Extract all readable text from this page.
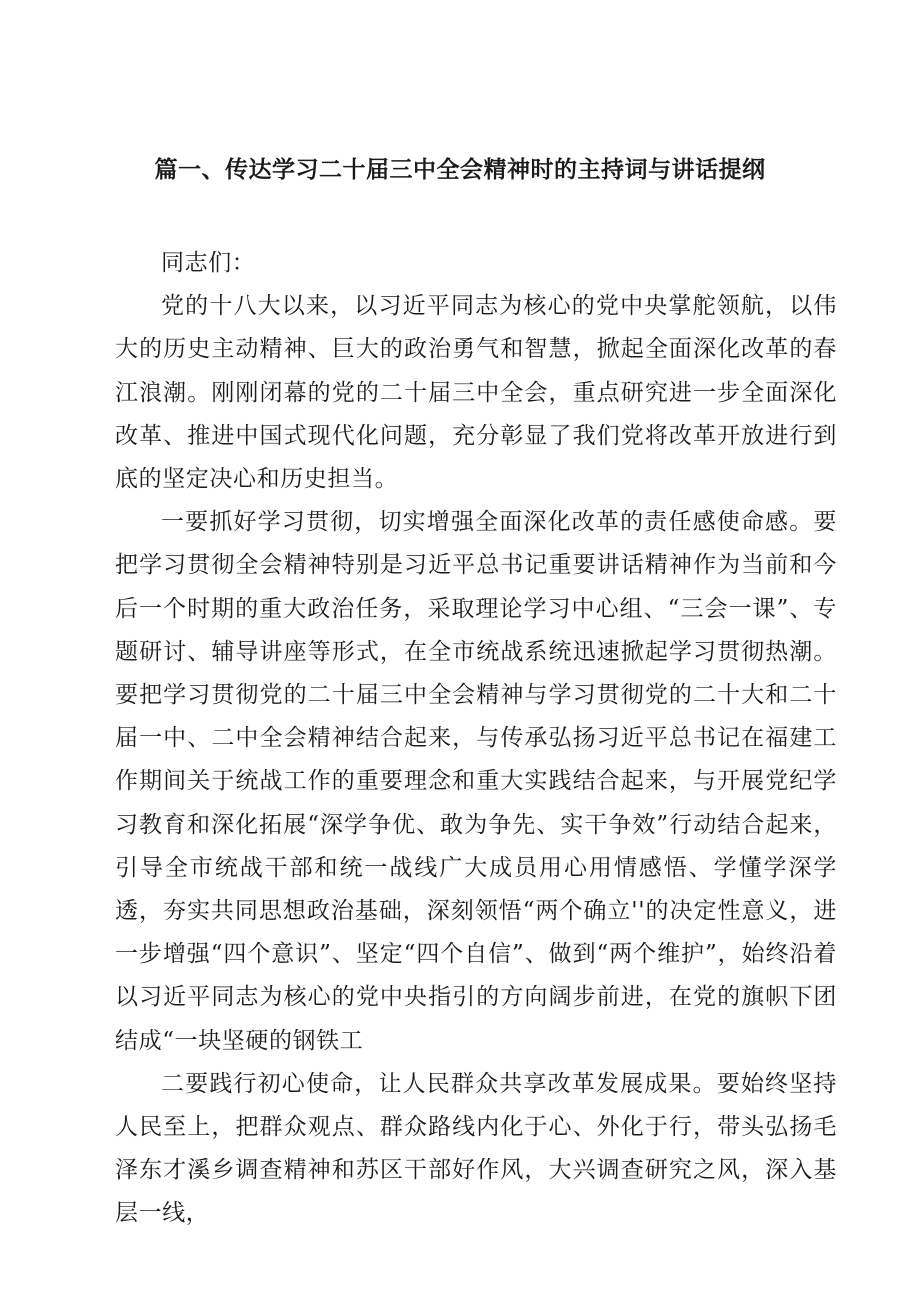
篇一、传达学习二十届三中全会精神时的主持词与讲话提纲

同志们：

党的十八大以来，以习近平同志为核心的党中央掌舵领航，以伟大的历史主动精神、巨大的政治勇气和智慧，掀起全面深化改革的春江浪潮。刚刚闭幕的党的二十届三中全会，重点研究进一步全面深化改革、推进中国式现代化问题，充分彰显了我们党将改革开放进行到底的坚定决心和历史担当。

一要抓好学习贯彻，切实增强全面深化改革的责任感使命感。要把学习贯彻全会精神特别是习近平总书记重要讲话精神作为当前和今后一个时期的重大政治任务，采取理论学习中心组、“三会一课”、专题研讨、辅导讲座等形式，在全市统战系统迅速掀起学习贯彻热潮。要把学习贯彻党的二十届三中全会精神与学习贯彻党的二十大和二十届一中、二中全会精神结合起来，与传承弘扬习近平总书记在福建工作期间关于统战工作的重要理念和重大实践结合起来，与开展党纪学习教育和深化拓展“深学争优、敢为争先、实干争效”行动结合起来，引导全市统战干部和统一战线广大成员用心用情感悟、学懂学深学透，夯实共同思想政治基础，深刻领悟“两个确立''的决定性意义，进一步增强“四个意识”、坚定“四个自信”、做到“两个维护”，始终沿着以习近平同志为核心的党中央指引的方向阔步前进，在党的旗帜下团结成“一块坚硬的钢铁工

二要践行初心使命，让人民群众共享改革发展成果。要始终坚持人民至上，把群众观点、群众路线内化于心、外化于行，带头弘扬毛泽东才溪乡调查精神和苏区干部好作风，大兴调查研究之风，深入基层一线，
